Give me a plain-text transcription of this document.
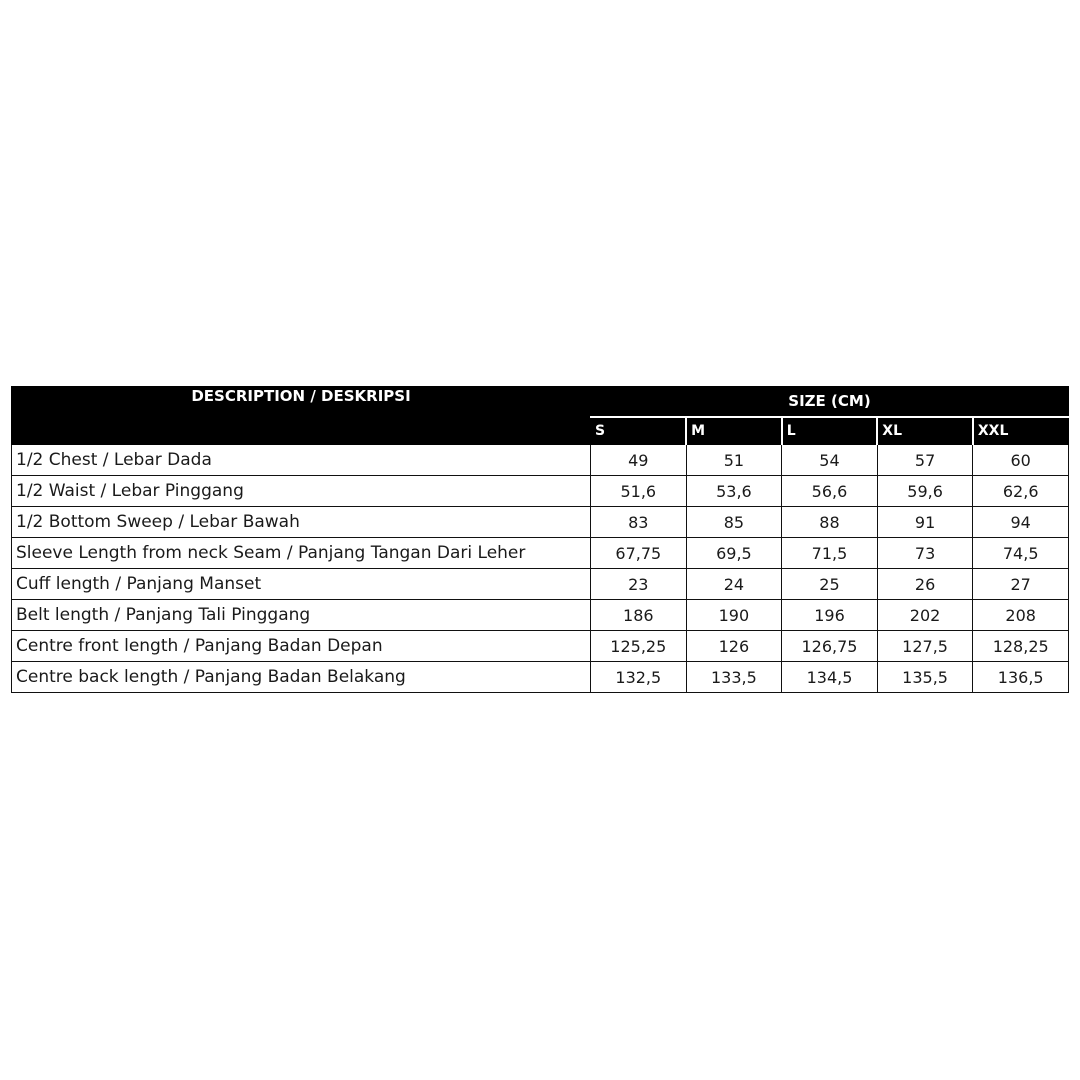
DESCRIPTION / DESKRIPSI	SIZE (CM)				
	S	M	L	XL	XXL
1/2 Chest / Lebar Dada	49	51	54	57	60
1/2 Waist / Lebar Pinggang	51,6	53,6	56,6	59,6	62,6
1/2 Bottom Sweep / Lebar Bawah	83	85	88	91	94
Sleeve Length from neck Seam / Panjang Tangan Dari Leher	67,75	69,5	71,5	73	74,5
Cuff length / Panjang Manset	23	24	25	26	27
Belt length / Panjang Tali Pinggang	186	190	196	202	208
Centre front length / Panjang Badan Depan	125,25	126	126,75	127,5	128,25
Centre back length / Panjang Badan Belakang	132,5	133,5	134,5	135,5	136,5
